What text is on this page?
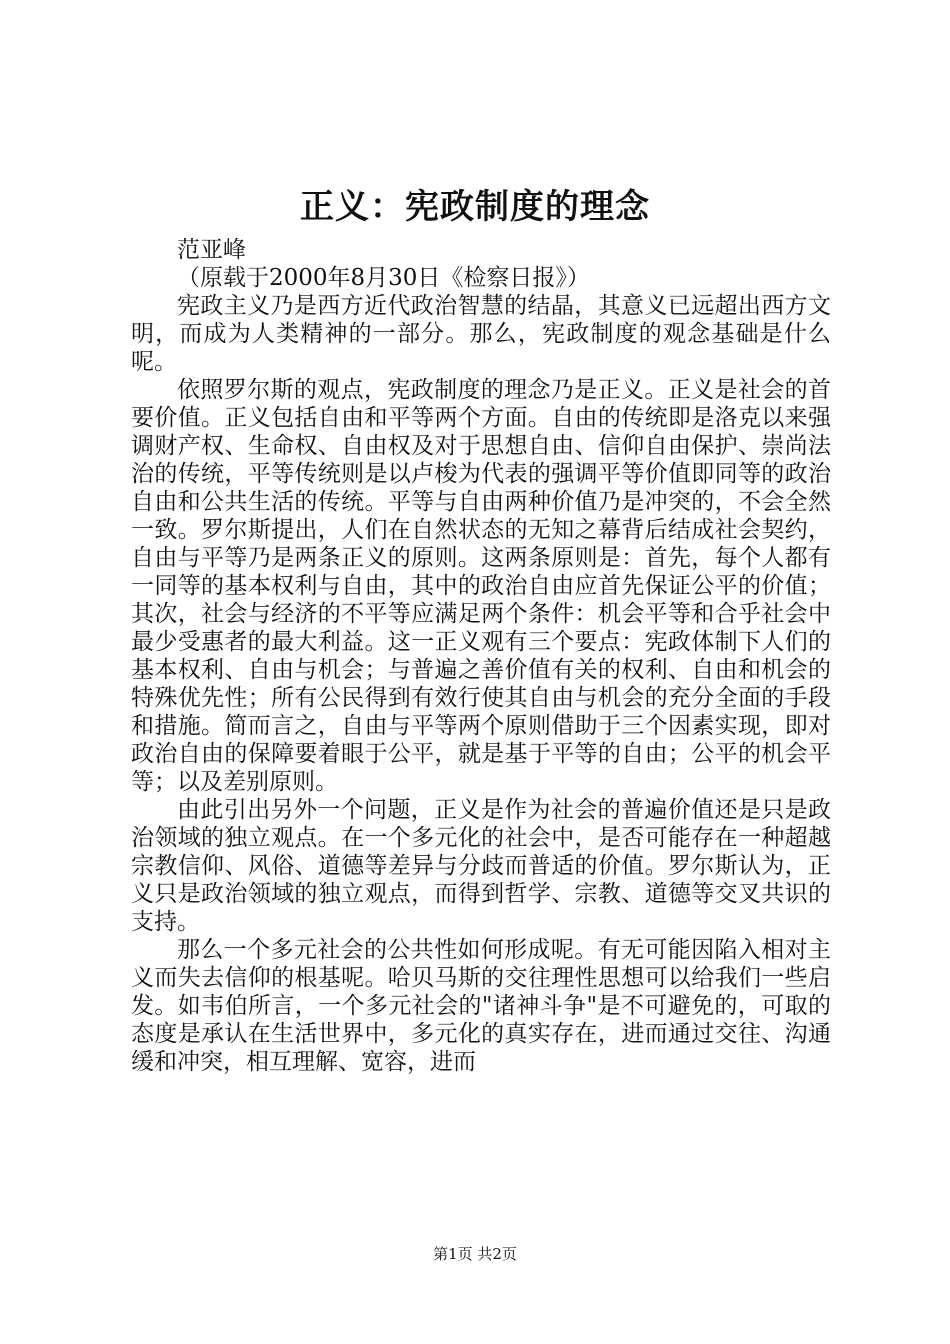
正义：宪政制度的理念

范亚峰

（原载于2000年8月30日《检察日报》）

宪政主义乃是西方近代政治智慧的结晶，其意义已远超出西方文明，而成为人类精神的一部分。那么，宪政制度的观念基础是什么呢。

依照罗尔斯的观点，宪政制度的理念乃是正义。正义是社会的首要价值。正义包括自由和平等两个方面。自由的传统即是洛克以来强调财产权、生命权、自由权及对于思想自由、信仰自由保护、崇尚法治的传统，平等传统则是以卢梭为代表的强调平等价值即同等的政治自由和公共生活的传统。平等与自由两种价值乃是冲突的，不会全然一致。罗尔斯提出，人们在自然状态的无知之幕背后结成社会契约，自由与平等乃是两条正义的原则。这两条原则是：首先，每个人都有一同等的基本权利与自由，其中的政治自由应首先保证公平的价值；其次，社会与经济的不平等应满足两个条件：机会平等和合乎社会中最少受惠者的最大利益。这一正义观有三个要点：宪政体制下人们的基本权利、自由与机会；与普遍之善价值有关的权利、自由和机会的特殊优先性；所有公民得到有效行使其自由与机会的充分全面的手段和措施。简而言之，自由与平等两个原则借助于三个因素实现，即对政治自由的保障要着眼于公平，就是基于平等的自由；公平的机会平等；以及差别原则。

由此引出另外一个问题，正义是作为社会的普遍价值还是只是政治领域的独立观点。在一个多元化的社会中，是否可能存在一种超越宗教信仰、风俗、道德等差异与分歧而普适的价值。罗尔斯认为，正义只是政治领域的独立观点，而得到哲学、宗教、道德等交叉共识的支持。

那么一个多元社会的公共性如何形成呢。有无可能因陷入相对主义而失去信仰的根基呢。哈贝马斯的交往理性思想可以给我们一些启发。如韦伯所言，一个多元社会的"诸神斗争"是不可避免的，可取的态度是承认在生活世界中，多元化的真实存在，进而通过交往、沟通缓和冲突，相互理解、宽容，进而

第1页 共2页
